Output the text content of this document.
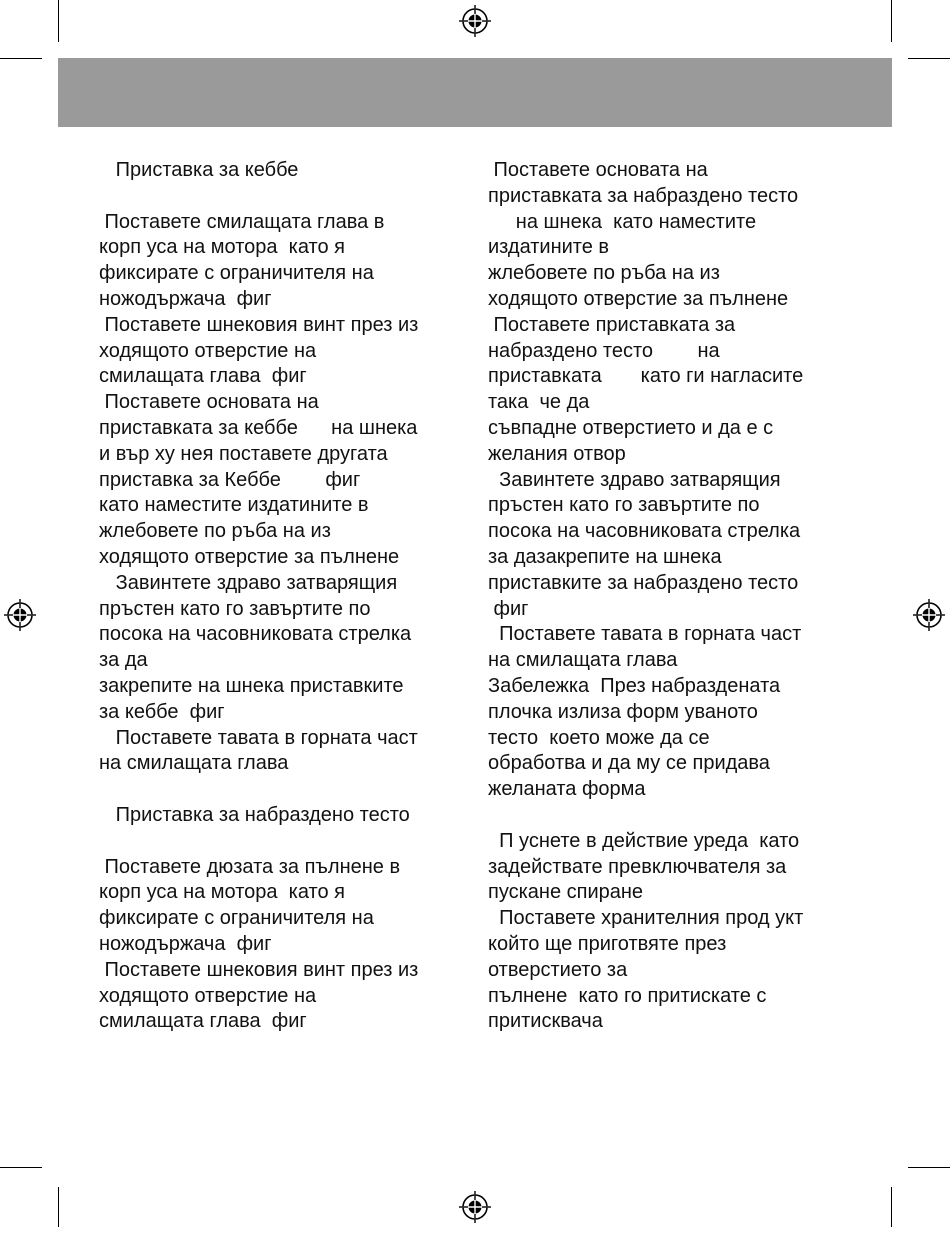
Приставка за кеббе
Поставете смилащата глава в
корп уса на мотора  като я
фиксирате с ограничителя на
ножодържача  фиг
Поставете шнековия винт през из
ходящото отверстие на
смилащата глава  фиг
Поставете основата на
приставката за кеббе      на шнека
и вър ху нея поставете другата
приставка за Кеббе        фиг
като наместите издатините в
жлебовете по ръба на из
ходящото отверстие за пълнене
Завинтете здраво затварящия
пръстен като го завъртите по
посока на часовниковата стрелка
за да
закрепите на шнека приставките
за кеббе  фиг
Поставете тавата в горната част
на смилащата глава
Приставка за набраздено тесто
Поставете дюзата за пълнене в
корп уса на мотора  като я
фиксирате с ограничителя на
ножодържача  фиг
Поставете шнековия винт през из
ходящото отверстие на
смилащата глава  фиг
Поставете основата на
приставката за набраздено тесто
на шнека  като наместите
издатините в
жлебовете по ръба на из
ходящото отверстие за пълнене
Поставете приставката за
набраздено тесто        на
приставката       като ги нагласите
така  че да
съвпадне отверстието и да е с
желания отвор
Завинтете здраво затварящия
пръстен като го завъртите по
посока на часовниковата стрелка
за дазакрепите на шнека
приставките за набраздено тесто
фиг
Поставете тавата в горната част
на смилащата глава
Забележка  През набраздената
плочка излиза форм уваното
тесто  което може да се
обработва и да му се придава
желаната форма
П уснете в действие уреда  като
задействате превключвателя за
пускане спиране
Поставете хранителния прод укт
който ще приготвяте през
отверстието за
пълнене  като го притискате с
притисквача
